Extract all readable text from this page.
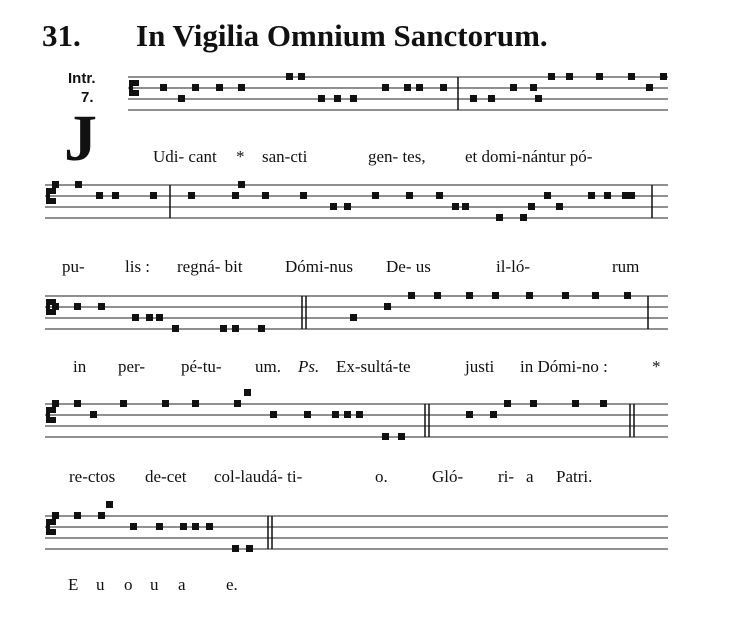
31. In Vigilia Omnium Sanctorum.
Intr.
7.
J	Udi- cant * san-cti	gen- tes, et domi-nántur pó-
pu- lis : regná- bit Dómi-nus De- us	il-ló-	rum
in per- pé-tu- um. Ps. Ex-sultá-te	justi in Dómi-no :	*
re-ctos de-cet col-laudá- ti-	o.	Gló- ri- a Patri.
E u o u a e.
